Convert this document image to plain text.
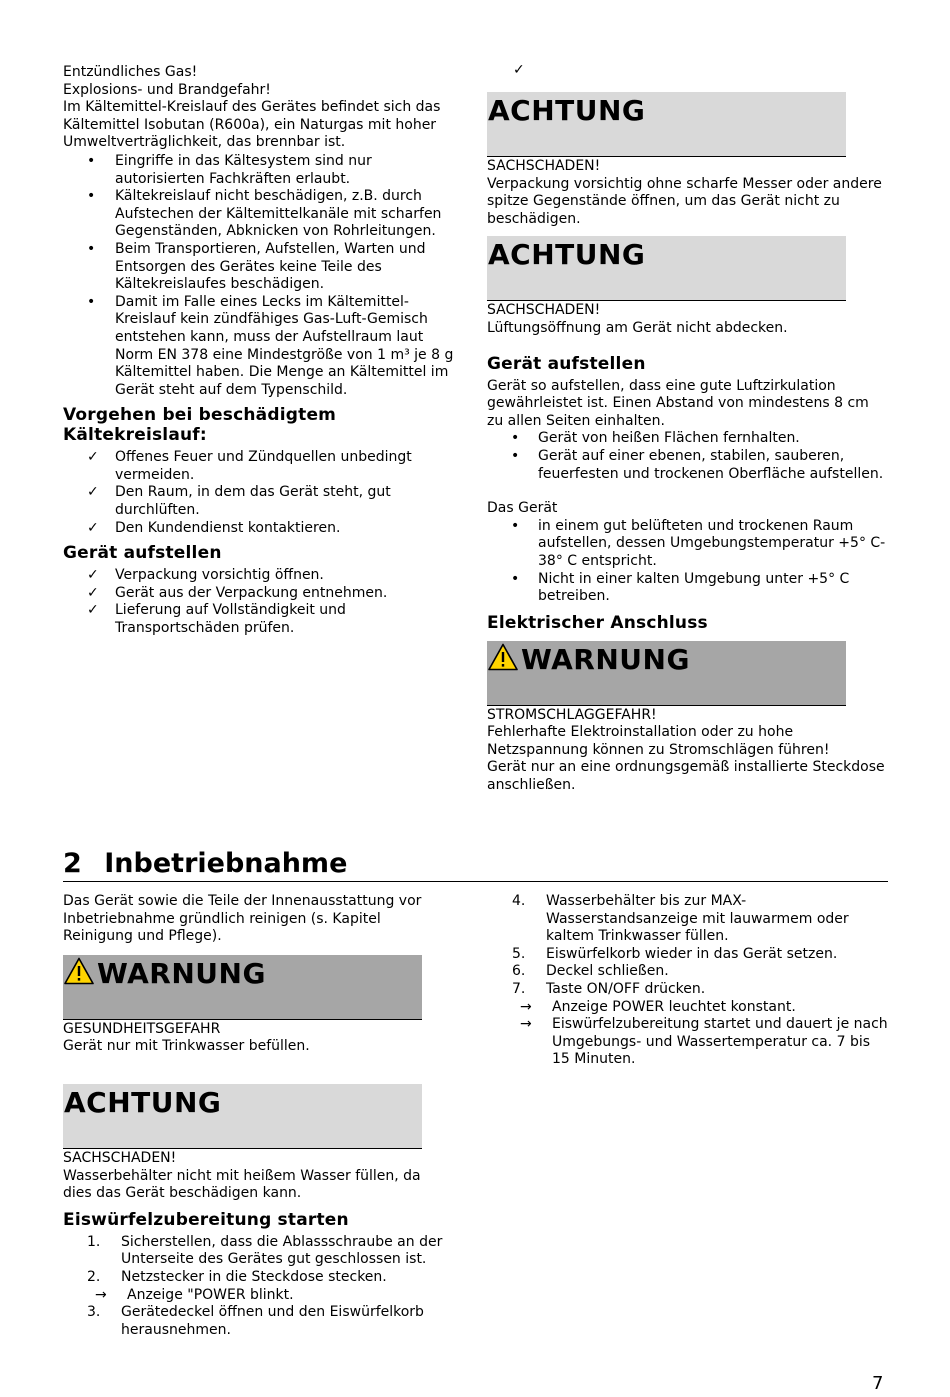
Entzündliches Gas!

Explosions- und Brandgefahr!

Im Kältemittel-Kreislauf des Gerätes befindet sich das Kältemittel Isobutan (R600a), ein Naturgas mit hoher Umweltverträglichkeit, das brennbar ist.

• Eingriffe in das Kältesystem sind nur autorisierten Fachkräften erlaubt.
• Kältekreislauf nicht beschädigen, z.B. durch Aufstechen der Kältemittelkanäle mit scharfen Gegenständen, Abknicken von Rohrleitungen.
• Beim Transportieren, Aufstellen, Warten und Entsorgen des Gerätes keine Teile des Kältekreislaufes beschädigen.
• Damit im Falle eines Lecks im Kältemittel-Kreislauf kein zündfähiges Gas-Luft-Gemisch entstehen kann, muss der Aufstellraum laut Norm EN 378 eine Mindestgröße von 1 m³ je 8 g Kältemittel haben. Die Menge an Kältemittel im Gerät steht auf dem Typenschild.
Vorgehen bei beschädigtem Kältekreislauf:
✓ Offenes Feuer und Zündquellen unbedingt vermeiden.
✓ Den Raum, in dem das Gerät steht, gut durchlüften.
✓ Den Kundendienst kontaktieren.
Gerät aufstellen
✓ Verpackung vorsichtig öffnen.
✓ Gerät aus der Verpackung entnehmen.
✓ Lieferung auf Vollständigkeit und Transportschäden prüfen.
✓
ACHTUNG

SACHSCHADEN!

Verpackung vorsichtig ohne scharfe Messer oder andere spitze Gegenstände öffnen, um das Gerät nicht zu beschädigen.

ACHTUNG

SACHSCHADEN!

Lüftungsöffnung am Gerät nicht abdecken.

Gerät aufstellen

Gerät so aufstellen, dass eine gute Luftzirkulation gewährleistet ist. Einen Abstand von mindestens 8 cm zu allen Seiten einhalten.

• Gerät von heißen Flächen fernhalten.
• Gerät auf einer ebenen, stabilen, sauberen, feuerfesten und trockenen Oberfläche aufstellen.

Das Gerät

• in einem gut belüfteten und trockenen Raum aufstellen, dessen Umgebungstemperatur +5° C- 38° C entspricht.
• Nicht in einer kalten Umgebung unter +5° C betreiben.
Elektrischer Anschluss
WARNUNG

STROMSCHLAGGEFAHR!

Fehlerhafte Elektroinstallation oder zu hohe Netzspannung können zu Stromschlägen führen!

Gerät nur an eine ordnungsgemäß installierte Steckdose anschließen.

2 Inbetriebnahme

Das Gerät sowie die Teile der Innenausstattung vor Inbetriebnahme gründlich reinigen (s. Kapitel Reinigung und Pflege).

WARNUNG

GESUNDHEITSGEFAHR

Gerät nur mit Trinkwasser befüllen.

ACHTUNG

SACHSCHADEN!

Wasserbehälter nicht mit heißem Wasser füllen, da dies das Gerät beschädigen kann.

Eiswürfelzubereitung starten
1. Sicherstellen, dass die Ablassschraube an der Unterseite des Gerätes gut geschlossen ist.
2. Netzstecker in die Steckdose stecken.
→ Anzeige "POWER blinkt.
3. Gerätedeckel öffnen und den Eiswürfelkorb herausnehmen.
4. Wasserbehälter bis zur MAX-Wasserstandsanzeige mit lauwarmem oder kaltem Trinkwasser füllen.
5. Eiswürfelkorb wieder in das Gerät setzen.
6. Deckel schließen.
7. Taste ON/OFF drücken.
→ Anzeige POWER leuchtet konstant.
→ Eiswürfelzubereitung startet und dauert je nach Umgebungs- und Wassertemperatur ca. 7 bis 15 Minuten.
7
